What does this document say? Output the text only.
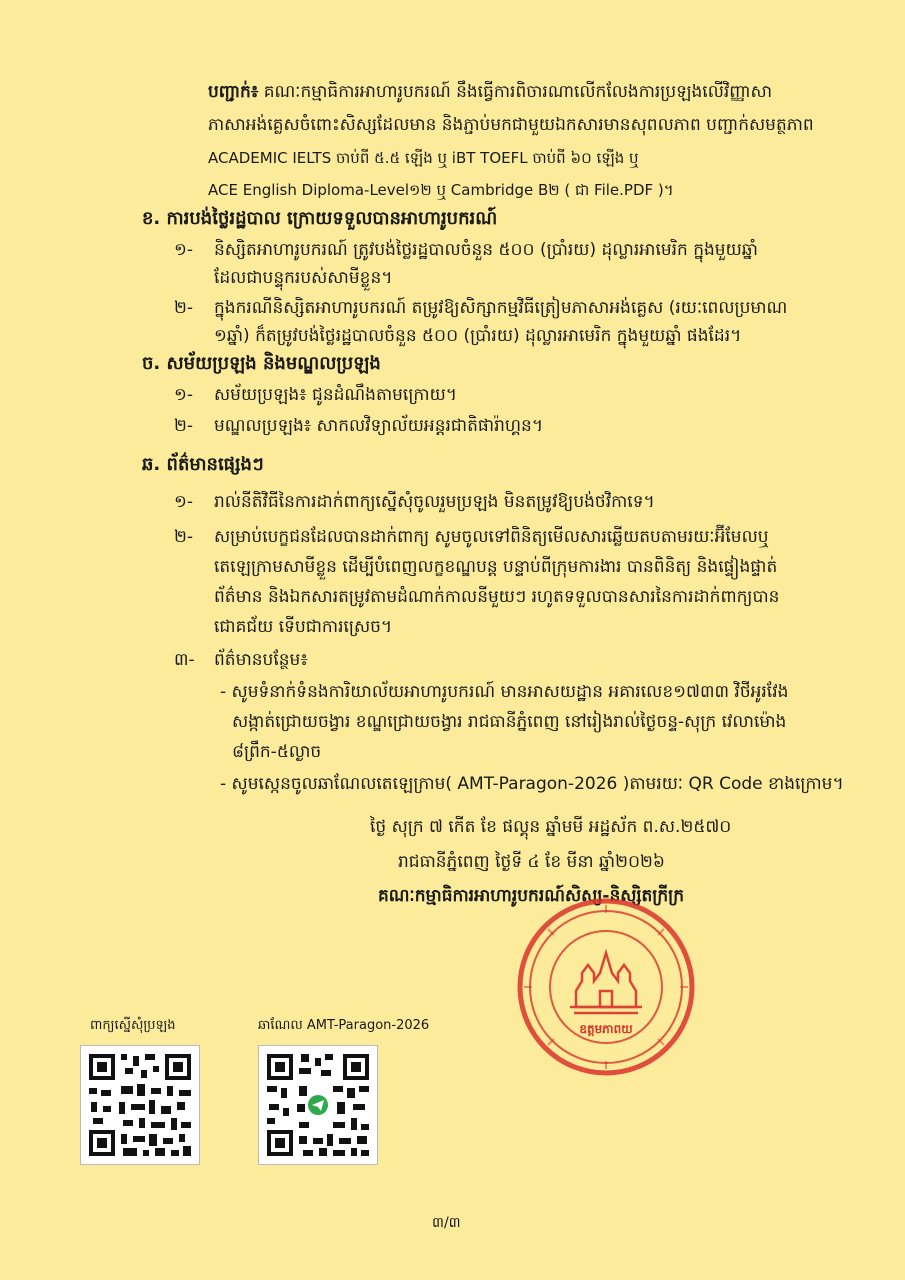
បញ្ជាក់៖ គណៈកម្មាធិការអាហារូបករណ៍ នឹងធ្វើការពិចារណាលើកលែងការប្រឡងលើវិញ្ញាសា
ភាសាអង់គ្លេសចំពោះសិស្សដែលមាន និងភ្ជាប់មកជាមួយឯកសារមានសុពលភាព បញ្ជាក់សមត្ថភាព
ACADEMIC IELTS ចាប់ពី ៥.៥ ឡើង ឬ iBT TOEFL ចាប់ពី ៦០ ឡើង ឬ
ACE English Diploma-Level១២ ឬ Cambridge B២ ( ជា File.PDF )។
ខ. ការបង់ថ្លៃរដ្ឋបាល ក្រោយទទួលបានអាហារូបករណ៍
១- និស្សិតអាហារូបករណ៍ ត្រូវបង់ថ្លៃរដ្ឋបាលចំនួន ៥០០ (ប្រាំរយ) ដុល្លារអាមេរិក ក្នុងមួយឆ្នាំ
ដែលជាបន្ទុករបស់សាមីខ្លួន។
២- ក្នុងករណីនិស្សិតអាហារូបករណ៍ តម្រូវឱ្យសិក្សាកម្មវិធីត្រៀមភាសាអង់គ្លេស (រយៈពេលប្រមាណ
១ឆ្នាំ) ក៏តម្រូវបង់ថ្លៃរដ្ឋបាលចំនួន ៥០០ (ប្រាំរយ) ដុល្លារអាមេរិក ក្នុងមួយឆ្នាំ ផងដែរ។
ច. សម័យប្រឡង និងមណ្ឌលប្រឡង
១- សម័យប្រឡង៖ ជូនដំណឹងតាមក្រោយ។
២- មណ្ឌលប្រឡង៖ សាកលវិទ្យាល័យអន្តរជាតិផារ៉ាហ្គន។
ឆ. ព័ត៌មានផ្សេងៗ
១- រាល់នីតិវិធីនៃការដាក់ពាក្យស្នើសុំចូលរួមប្រឡង មិនតម្រូវឱ្យបង់ថវិកាទេ។
២- សម្រាប់បេក្ខជនដែលបានដាក់ពាក្យ សូមចូលទៅពិនិត្យមើលសារឆ្លើយតបតាមរយៈអ៊ីមែលឬ
តេឡេក្រាមសាមីខ្លួន ដើម្បីបំពេញលក្ខខណ្ឌបន្ត បន្ទាប់ពីក្រុមការងារ បានពិនិត្យ និងផ្ទៀងផ្ទាត់
ព័ត៌មាន និងឯកសារតម្រូវតាមដំណាក់កាលនីមួយៗ រហូតទទួលបានសារនៃការដាក់ពាក្យបាន
ជោគជ័យ ទើបជាការស្រេច។
៣- ព័ត៌មានបន្ថែម៖
- សូមទំនាក់ទំនងការិយាល័យអាហារូបករណ៍ មានអាសយដ្ឋាន អគារលេខ១៧៣៣ វិថីអូរវែង
សង្កាត់ជ្រោយចង្វារ ខណ្ឌជ្រោយចង្វារ រាជធានីភ្នំពេញ នៅរៀងរាល់ថ្ងៃចន្ទ-សុក្រ វេលាម៉ោង
៨ព្រឹក-៥ល្ងាច
- សូមស្កេនចូលឆាណែលតេឡេក្រាម( AMT-Paragon-2026 )តាមរយៈ QR Code ខាងក្រោម។
ថ្ងៃ សុក្រ ៧ កើត ខែ ផល្គុន ឆ្នាំមមី អដ្ឋស័ក ព.ស.២៥៧០
រាជធានីភ្នំពេញ ថ្ងៃទី ៤ ខែ មីនា ឆ្នាំ២០២៦
គណៈកម្មាធិការអាហារូបករណ៍សិស្ស-និស្សិតក្រីក្រ
ឧត្តមភាពយ
ពាក្យស្នើសុំប្រឡង	ឆាណែល AMT-Paragon-2026
៣/៣
